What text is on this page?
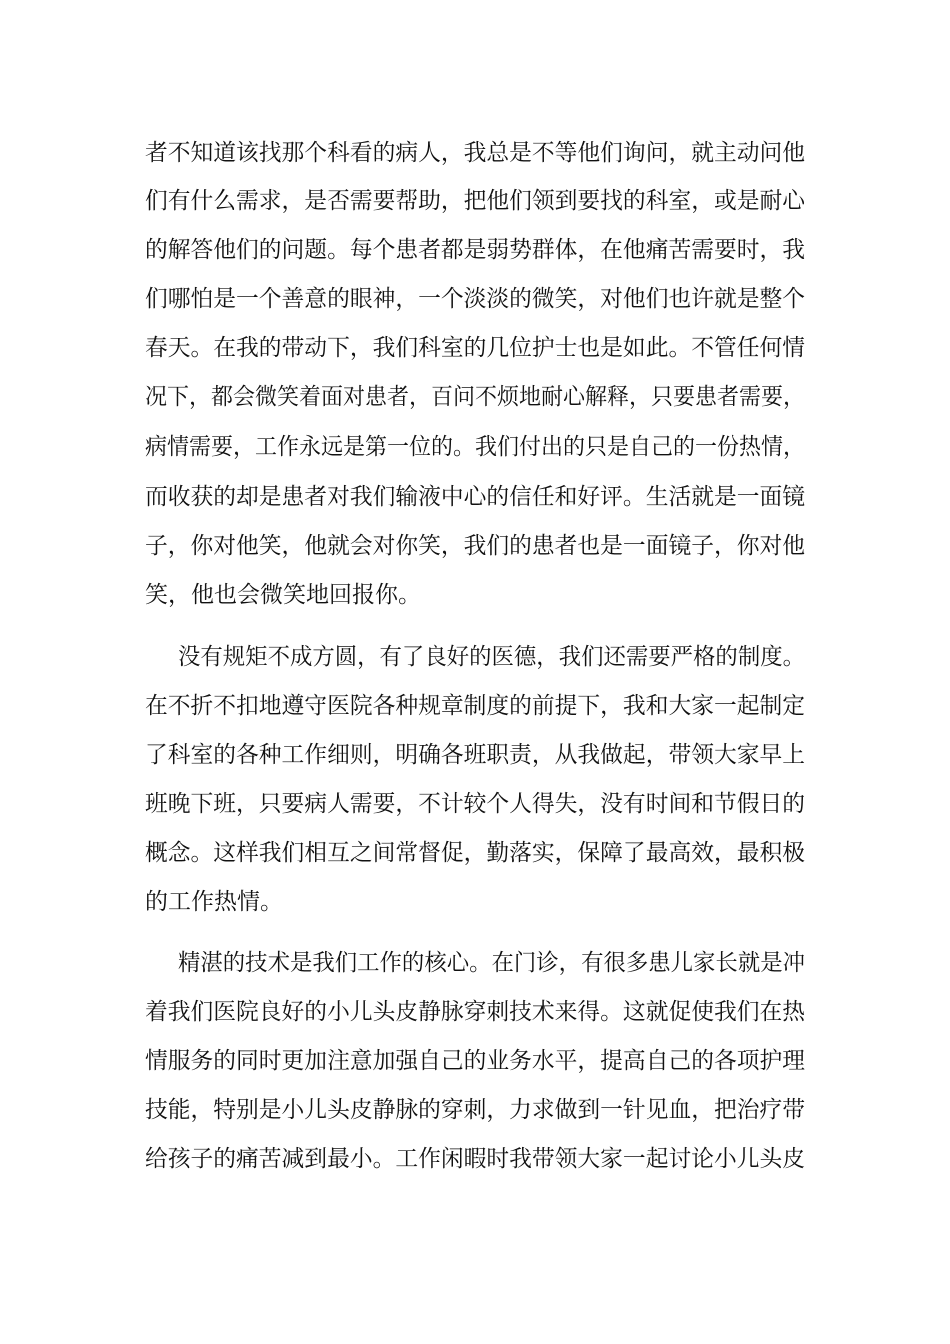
者不知道该找那个科看的病人，我总是不等他们询问，就主动问他
们有什么需求，是否需要帮助，把他们领到要找的科室，或是耐心
的解答他们的问题。每个患者都是弱势群体，在他痛苦需要时，我
们哪怕是一个善意的眼神，一个淡淡的微笑，对他们也许就是整个
春天。在我的带动下，我们科室的几位护士也是如此。不管任何情
况下，都会微笑着面对患者，百问不烦地耐心解释，只要患者需要，
病情需要，工作永远是第一位的。我们付出的只是自己的一份热情，
而收获的却是患者对我们输液中心的信任和好评。生活就是一面镜
子，你对他笑，他就会对你笑，我们的患者也是一面镜子，你对他
笑，他也会微笑地回报你。
没有规矩不成方圆，有了良好的医德，我们还需要严格的制度。
在不折不扣地遵守医院各种规章制度的前提下，我和大家一起制定
了科室的各种工作细则，明确各班职责，从我做起，带领大家早上
班晚下班，只要病人需要，不计较个人得失，没有时间和节假日的
概念。这样我们相互之间常督促，勤落实，保障了最高效，最积极
的工作热情。
精湛的技术是我们工作的核心。在门诊，有很多患儿家长就是冲
着我们医院良好的小儿头皮静脉穿刺技术来得。这就促使我们在热
情服务的同时更加注意加强自己的业务水平，提高自己的各项护理
技能，特别是小儿头皮静脉的穿刺，力求做到一针见血，把治疗带
给孩子的痛苦减到最小。工作闲暇时我带领大家一起讨论小儿头皮
